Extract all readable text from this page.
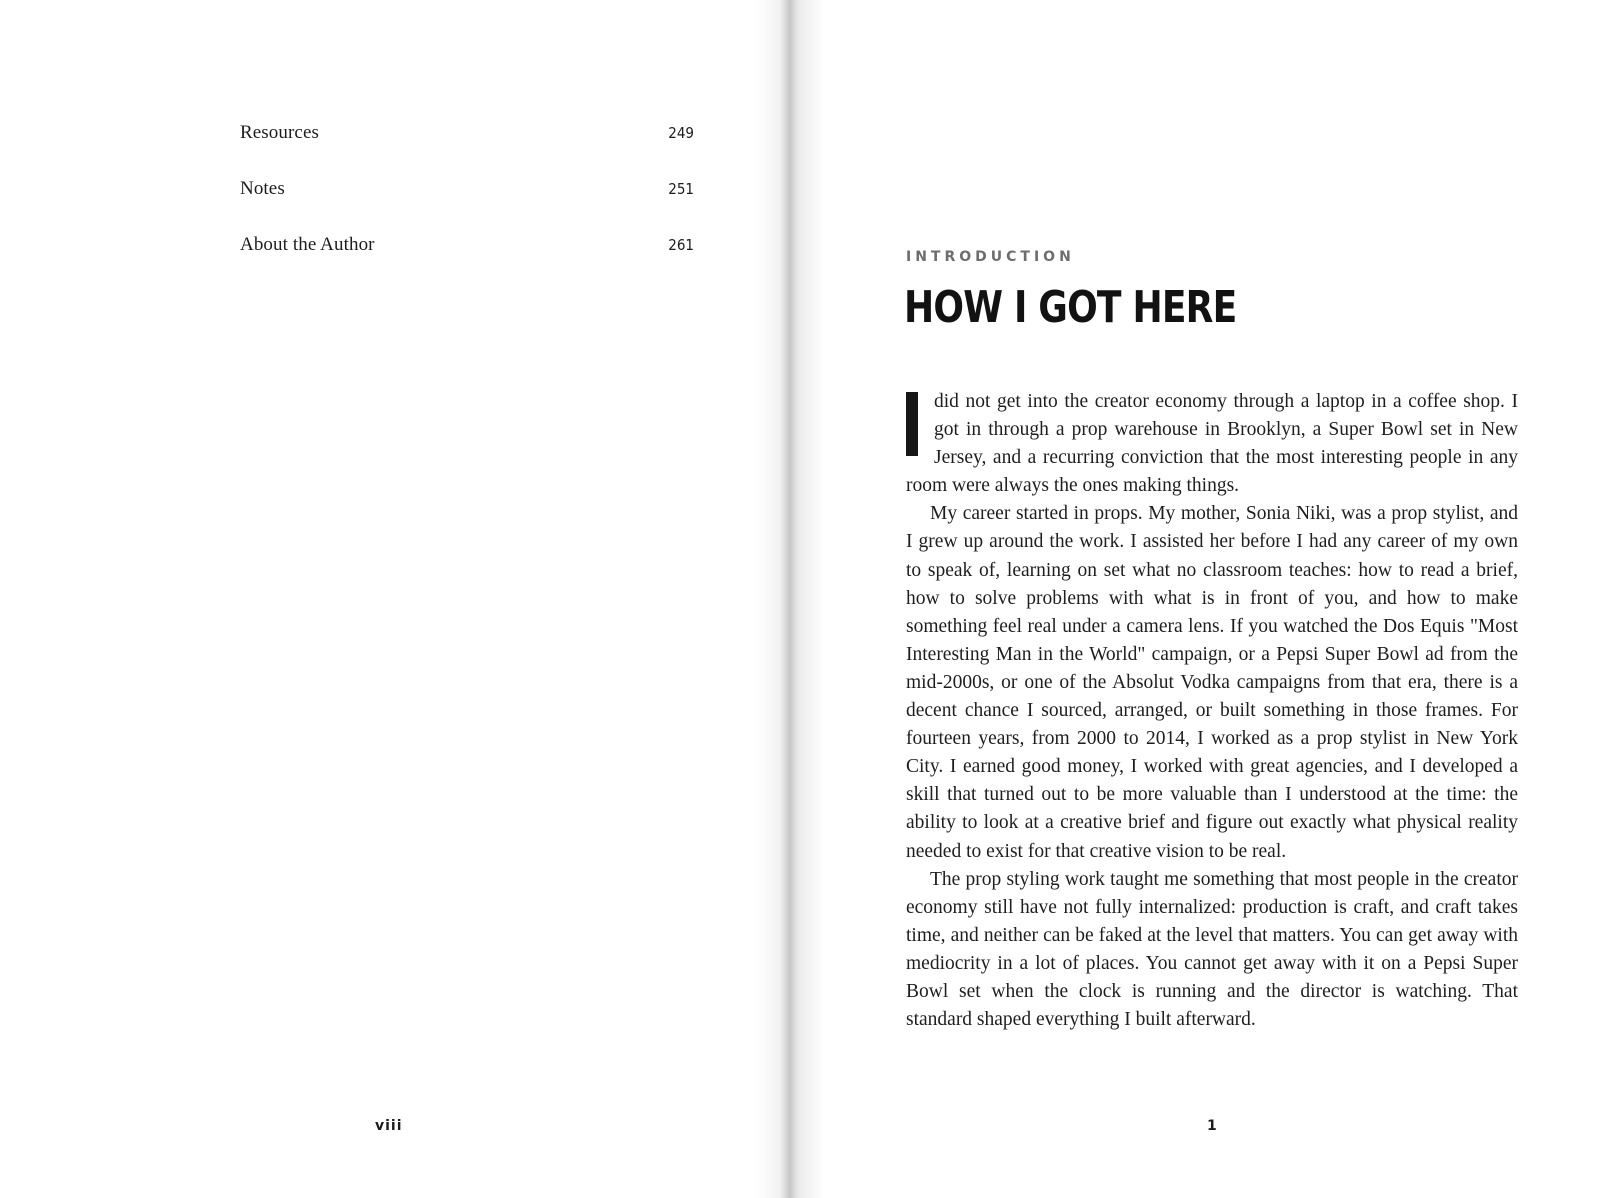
Resources	249
Notes	251
About the Author	261
viii
INTRODUCTION
HOW I GOT HERE

did not get into the creator economy through a laptop in a coffee shop. I got in through a prop warehouse in Brooklyn, a Super Bowl set in New Jersey, and a recurring conviction that the most interesting people in any room were always the ones making things.

My career started in props. My mother, Sonia Niki, was a prop stylist, and I grew up around the work. I assisted her before I had any career of my own to speak of, learning on set what no classroom teaches: how to read a brief, how to solve problems with what is in front of you, and how to make something feel real under a camera lens. If you watched the Dos Equis "Most Interesting Man in the World" campaign, or a Pepsi Super Bowl ad from the mid-2000s, or one of the Absolut Vodka campaigns from that era, there is a decent chance I sourced, arranged, or built something in those frames. For fourteen years, from 2000 to 2014, I worked as a prop stylist in New York City. I earned good money, I worked with great agencies, and I developed a skill that turned out to be more valuable than I understood at the time: the ability to look at a creative brief and figure out exactly what physical reality needed to exist for that creative vision to be real.

The prop styling work taught me something that most people in the creator economy still have not fully internalized: production is craft, and craft takes time, and neither can be faked at the level that matters. You can get away with mediocrity in a lot of places. You cannot get away with it on a Pepsi Super Bowl set when the clock is running and the director is watching. That standard shaped everything I built afterward.

1
